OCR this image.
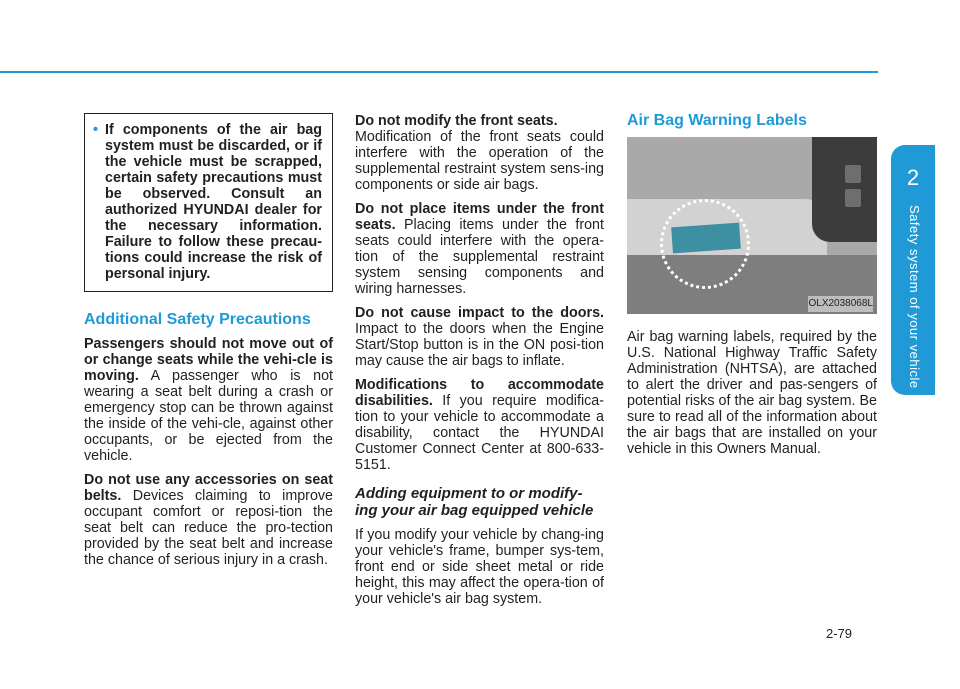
2
Safety system of your vehicle
• If components of the air bag system must be discarded, or if the vehicle must be scrapped, certain safety precautions must be observed. Consult an authorized HYUNDAI dealer for the necessary information. Failure to follow these precau-tions could increase the risk of personal injury.
Additional Safety Precautions

Passengers should not move out of or change seats while the vehi-cle is moving. A passenger who is not wearing a seat belt during a crash or emergency stop can be thrown against the inside of the vehi-cle, against other occupants, or be ejected from the vehicle.

Do not use any accessories on seat belts. Devices claiming to improve occupant comfort or reposi-tion the seat belt can reduce the pro-tection provided by the seat belt and increase the chance of serious injury in a crash.

Do not modify the front seats.
Modification of the front seats could interfere with the operation of the supplemental restraint system sens-ing components or side air bags.

Do not place items under the front seats. Placing items under the front seats could interfere with the opera-tion of the supplemental restraint system sensing components and wiring harnesses.

Do not cause impact to the doors. Impact to the doors when the Engine Start/Stop button is in the ON posi-tion may cause the air bags to inflate.

Modifications to accommodate disabilities. If you require modifica-tion to your vehicle to accommodate a disability, contact the HYUNDAI Customer Connect Center at 800-633-5151.

Adding equipment to or modify-ing your air bag equipped vehicle

If you modify your vehicle by chang-ing your vehicle's frame, bumper sys-tem, front end or side sheet metal or ride height, this may affect the opera-tion of your vehicle's air bag system.

Air Bag Warning Labels
OLX2038068L

Air bag warning labels, required by the U.S. National Highway Traffic Safety Administration (NHTSA), are attached to alert the driver and pas-sengers of potential risks of the air bag system. Be sure to read all of the information about the air bags that are installed on your vehicle in this Owners Manual.

2-79
